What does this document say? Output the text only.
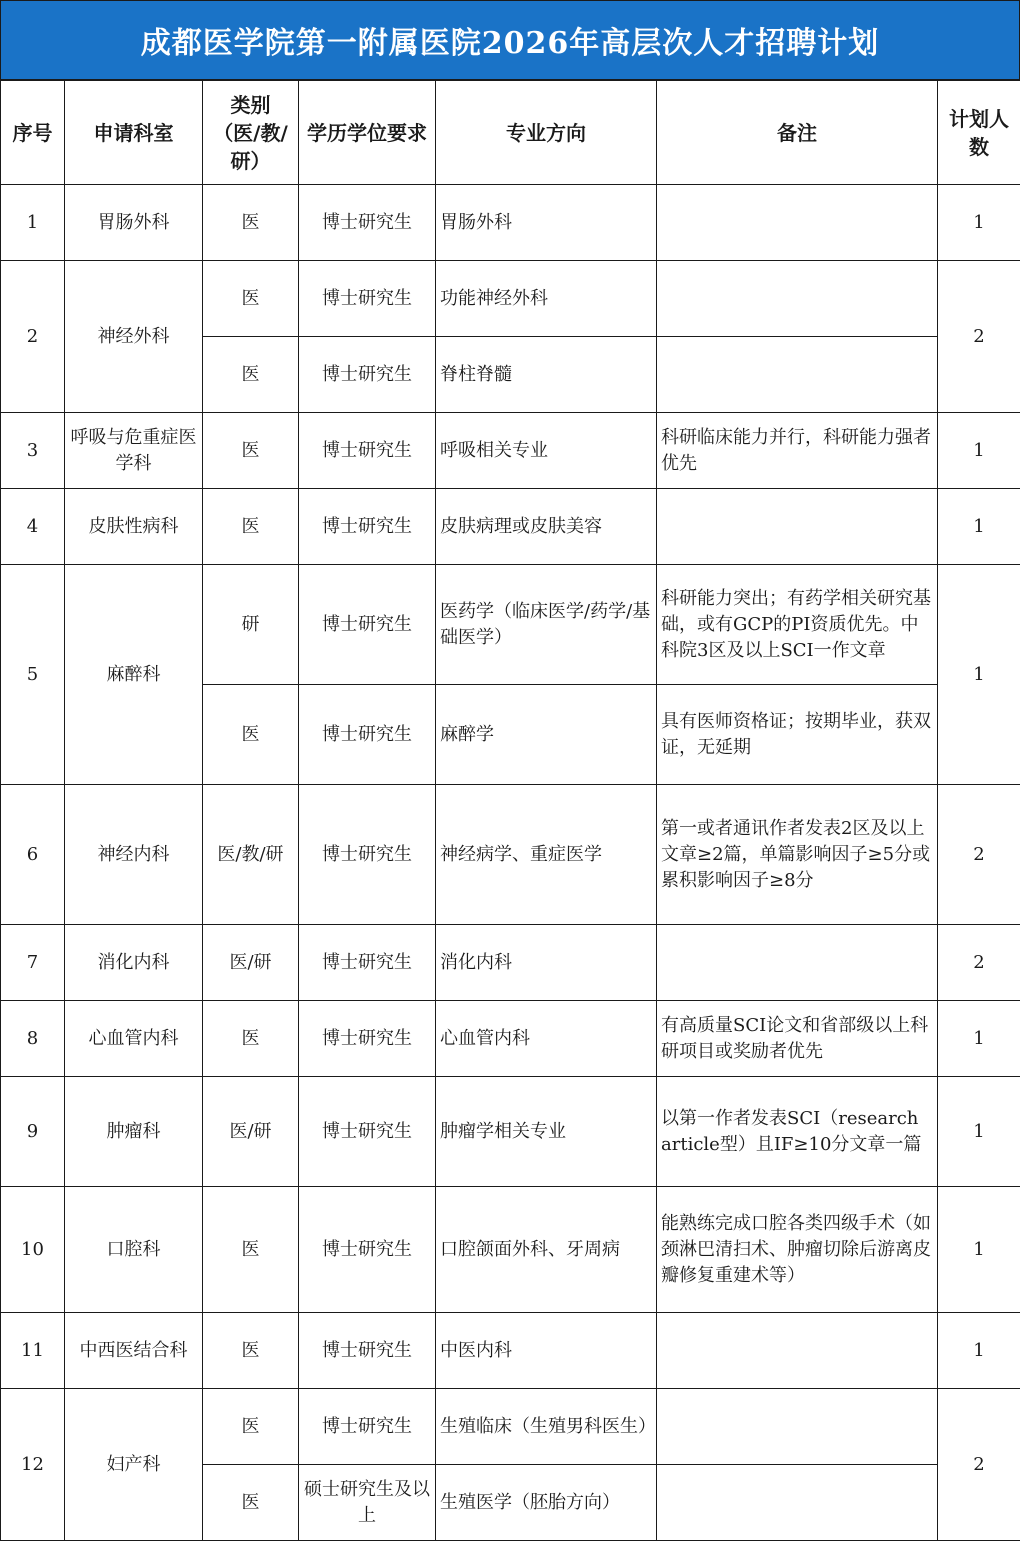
成都医学院第一附属医院2026年高层次人才招聘计划
序号	申请科室	类别（医/教/研）	学历学位要求	专业方向	备注	计划人数
1	胃肠外科	医	博士研究生	胃肠外科		1
2	神经外科	医	博士研究生	功能神经外科		2
		医	博士研究生	脊柱脊髓		
3	呼吸与危重症医学科	医	博士研究生	呼吸相关专业	科研临床能力并行，科研能力强者优先	1
4	皮肤性病科	医	博士研究生	皮肤病理或皮肤美容		1
5	麻醉科	研	博士研究生	医药学（临床医学/药学/基础医学）	科研能力突出；有药学相关研究基础，或有GCP的PI资质优先。中科院3区及以上SCI一作文章	1
		医	博士研究生	麻醉学	具有医师资格证；按期毕业，获双证，无延期	
6	神经内科	医/教/研	博士研究生	神经病学、重症医学	第一或者通讯作者发表2区及以上文章≥2篇，单篇影响因子≥5分或累积影响因子≥8分	2
7	消化内科	医/研	博士研究生	消化内科		2
8	心血管内科	医	博士研究生	心血管内科	有高质量SCI论文和省部级以上科研项目或奖励者优先	1
9	肿瘤科	医/研	博士研究生	肿瘤学相关专业	以第一作者发表SCI（research article型）且IF≥10分文章一篇	1
10	口腔科	医	博士研究生	口腔颌面外科、牙周病	能熟练完成口腔各类四级手术（如颈淋巴清扫术、肿瘤切除后游离皮瓣修复重建术等）	1
11	中西医结合科	医	博士研究生	中医内科		1
12	妇产科	医	博士研究生	生殖临床（生殖男科医生）		2
		医	硕士研究生及以上	生殖医学（胚胎方向）		
